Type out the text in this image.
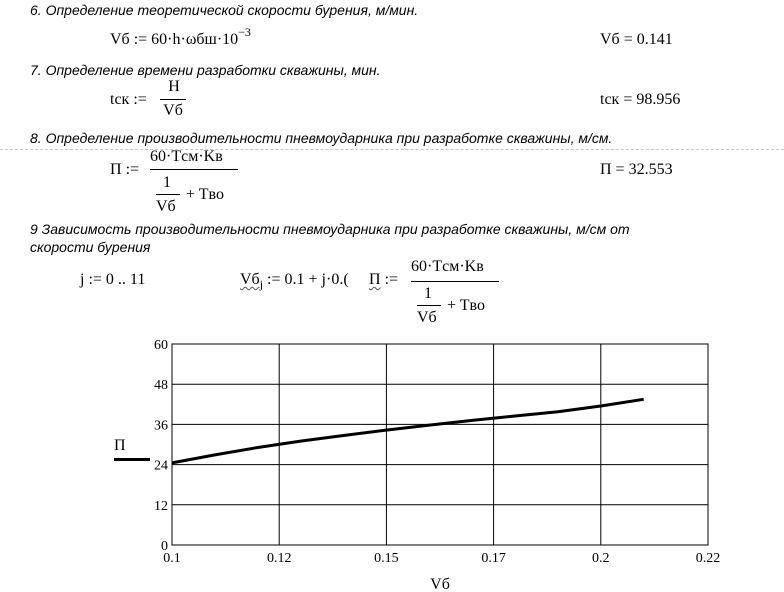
6. Определение теоретической скорости бурения, м/мин.
Vб := $60\cdot h\cdot\omega бш\cdot 10^{-3}$	Vб = 0.141
7. Определение времени разработки скважины, мин.
tск :=
H
Vб
tск = 98.956
8. Определение производительности пневмоударника при разработке скважины, м/см.
П :=
60·Tсм·Kв
1
Vб
+ Tво
П = 32.553
9 Зависимость производительности пневмоударника при разработке скважины, м/см от
скорости бурения
j := 0 .. 11	$Vб_j$ := 0.1 + j·0.( П :=
60·Tсм·Kв
1
Vб
+ Tво
0.1	0.12	0.15	0.17	0.2	0.22
0
12
24
36
48
60
П
Vб
